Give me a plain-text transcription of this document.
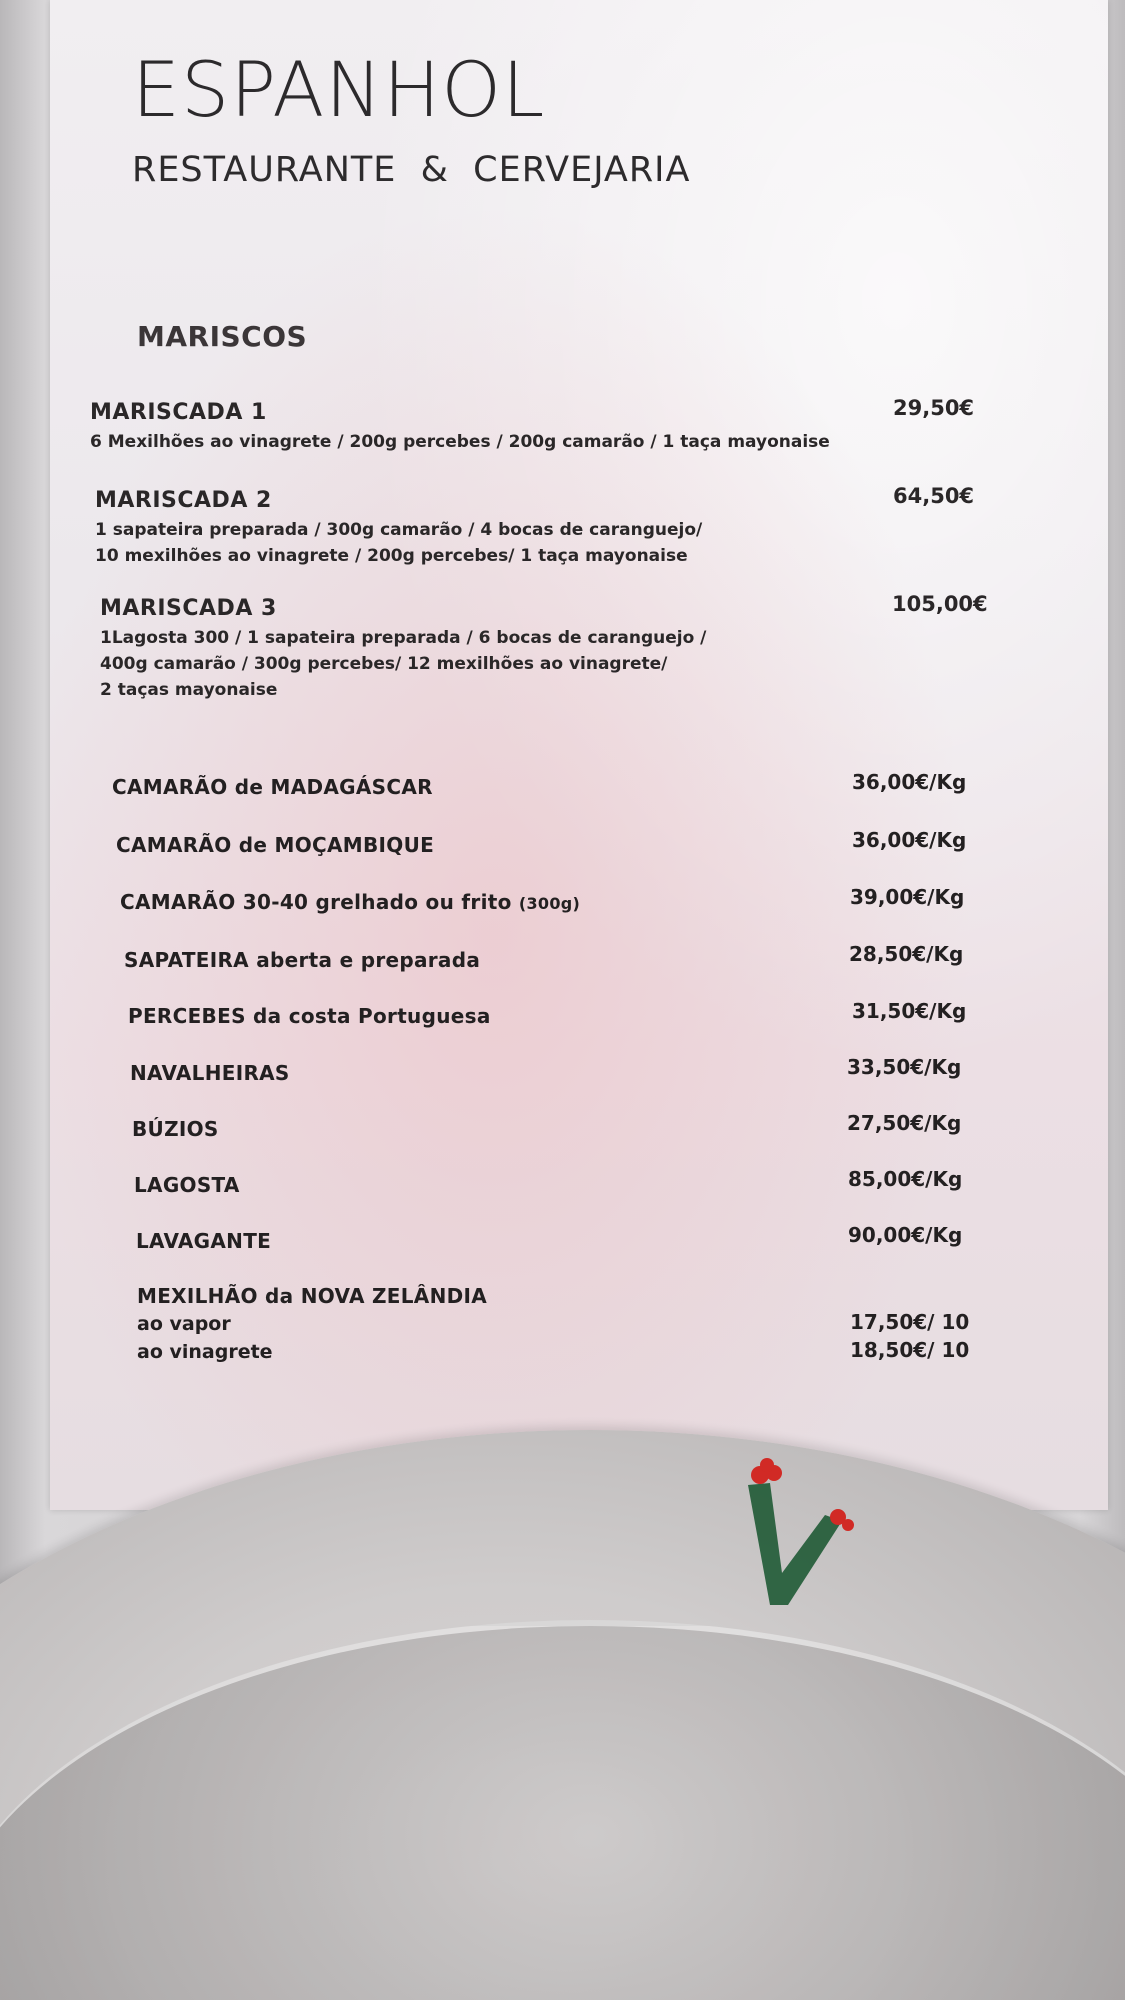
ESPANHOL
RESTAURANTE  &  CERVEJARIA
MARISCOS
MARISCADA 1
6 Mexilhões ao vinagrete / 200g percebes / 200g camarão / 1 taça mayonaise
29,50€
MARISCADA 2
1 sapateira preparada / 300g camarão / 4 bocas de caranguejo/
10 mexilhões ao vinagrete / 200g percebes/ 1 taça mayonaise
64,50€
MARISCADA 3
1Lagosta 300 / 1 sapateira preparada / 6 bocas de caranguejo /
400g camarão / 300g percebes/ 12 mexilhões ao vinagrete/
2 taças mayonaise
105,00€
CAMARÃO de MADAGÁSCAR	36,00€/Kg
CAMARÃO de MOÇAMBIQUE	36,00€/Kg
CAMARÃO 30-40 grelhado ou frito (300g)	39,00€/Kg
SAPATEIRA aberta e preparada	28,50€/Kg
PERCEBES da costa Portuguesa	31,50€/Kg
NAVALHEIRAS	33,50€/Kg
BÚZIOS	27,50€/Kg
LAGOSTA	85,00€/Kg
LAVAGANTE	90,00€/Kg
MEXILHÃO da NOVA ZELÂNDIA
ao vapor	17,50€/ 10
ao vinagrete	18,50€/ 10
